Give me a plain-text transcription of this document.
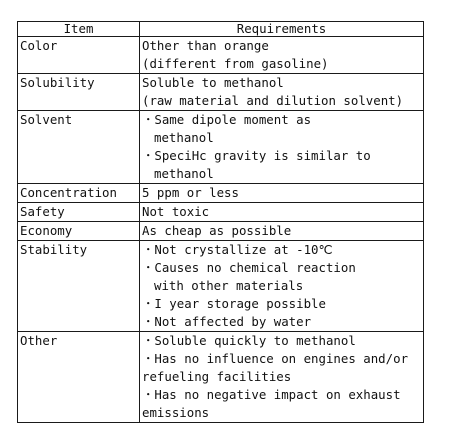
Item	Requirements

Color	Other than orange
(different from gasoline)

Solubility	Soluble to methanol
(raw material and dilution solvent)

Solvent	・Same dipole moment as
methanol
・SpeciHc gravity is similar to
methanol

Concentration	5 ppm or less

Safety	Not toxic

Economy	As cheap as possible

Stability	・Not crystallize at -10℃
・Causes no chemical reaction
with other materials
・I year storage possible
・Not affected by water

Other	・Soluble quickly to methanol
・Has no influence on engines and/or
refueling facilities
・Has no negative impact on exhaust
emissions
